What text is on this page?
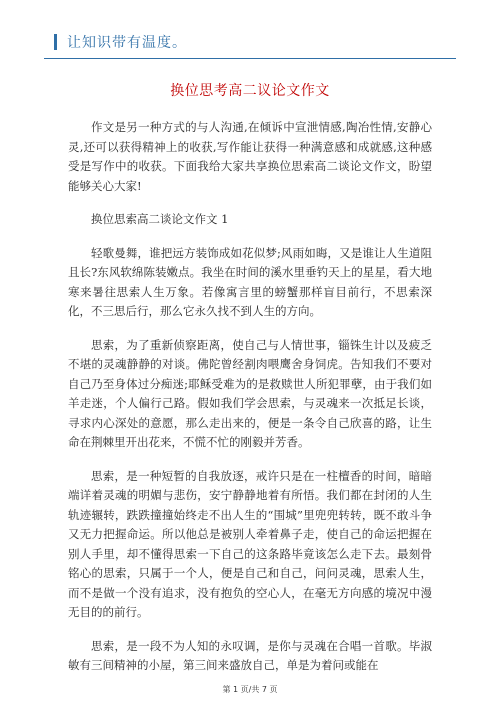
让知识带有温度。
换位思考高二议论文作文

作文是另一种方式的与人沟通,在倾诉中宣泄情感,陶冶性情,安静心灵,还可以获得精神上的收获,写作能让获得一种满意感和成就感,这种感受是写作中的收获。下面我给大家共享换位思索高二谈论文作文，盼望能够关心大家!

换位思索高二谈论文作文 1

轻歌曼舞，谁把远方装饰成如花似梦;风雨如晦，又是谁让人生道阻且长?东风软绵陈装嫩点。我坐在时间的溪水里垂钓天上的星星，看大地寒来暑往思索人生万象。若像寓言里的螃蟹那样盲目前行，不思索深化，不三思后行，那么它永久找不到人生的方向。

思索，为了重新侦察距离，使自己与人情世事，锱铢生计以及疲乏不堪的灵魂静静的对谈。佛陀曾经割肉喂鹰舍身饲虎。告知我们不要对自己乃至身体过分痴迷;耶稣受难为的是救赎世人所犯罪孽，由于我们如羊走迷，个人偏行己路。假如我们学会思索，与灵魂来一次抵足长谈，寻求内心深处的意愿，那么走出来的，便是一条令自己欣喜的路，让生命在荆棘里开出花来，不慌不忙的刚毅并芳香。

思索，是一种短暂的自我放逐，戒许只是在一柱檀香的时间，暗暗端详着灵魂的明媚与悲伤，安宁静静地着有所悟。我们都在封闭的人生轨迹辗转，跌跌撞撞始终走不出人生的“围城”里兜兜转转，既不敢斗争又无力把握命运。所以他总是被别人牵着鼻子走，使自己的命运把握在别人手里，却不懂得思索一下自己的这条路毕竟该怎么走下去。最刻骨铭心的思索，只属于一个人，便是自己和自己，问问灵魂，思索人生，而不是做一个没有追求，没有抱负的空心人，在毫无方向感的境况中漫无目的的前行。

思索，是一段不为人知的永叹调，是你与灵魂在合唱一首歌。毕淑敏有三间精神的小屋，第三间来盛放自己，单是为着问或能在

第 1 页/共 7 页
